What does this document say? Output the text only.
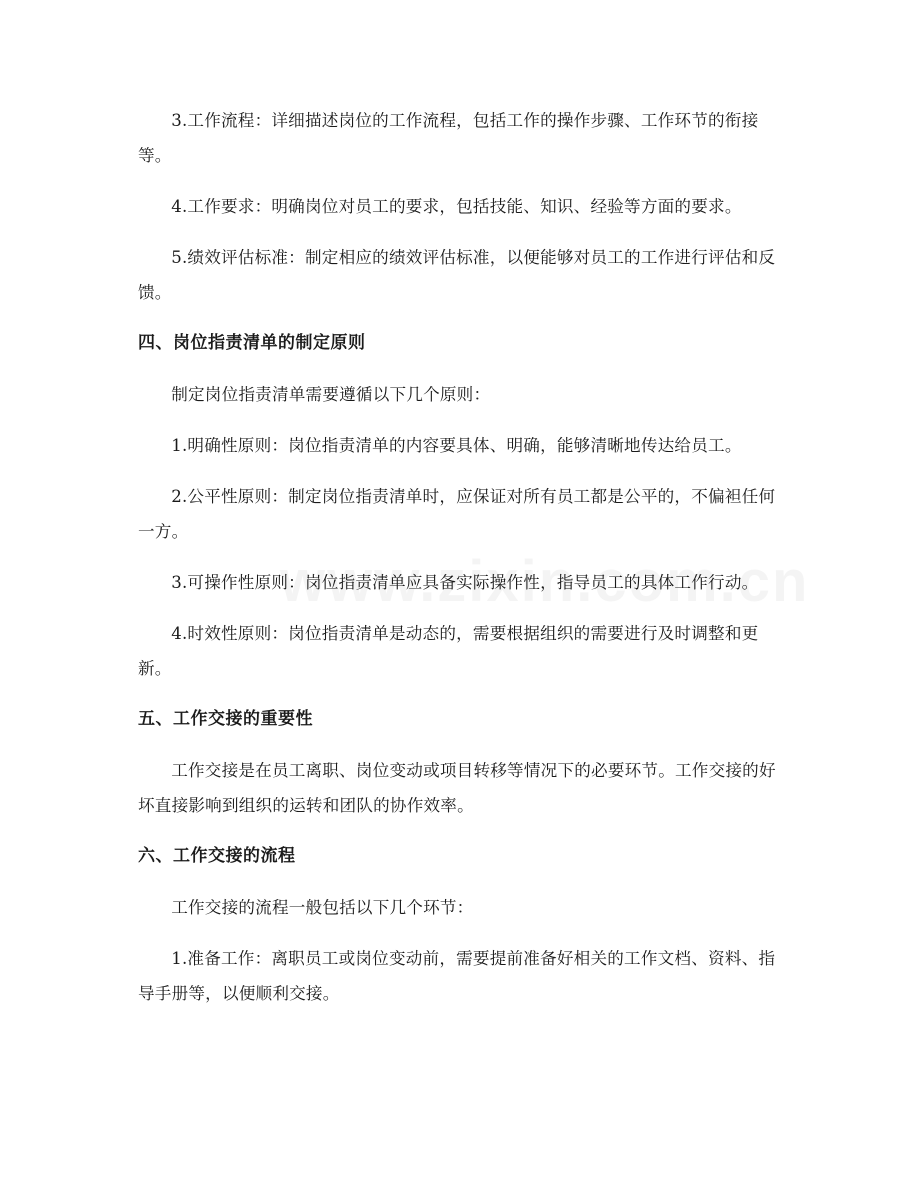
3.工作流程：详细描述岗位的工作流程，包括工作的操作步骤、工作环节的衔接等。

4.工作要求：明确岗位对员工的要求，包括技能、知识、经验等方面的要求。

5.绩效评估标准：制定相应的绩效评估标准，以便能够对员工的工作进行评估和反馈。

四、岗位指责清单的制定原则

制定岗位指责清单需要遵循以下几个原则：

1.明确性原则：岗位指责清单的内容要具体、明确，能够清晰地传达给员工。

2.公平性原则：制定岗位指责清单时，应保证对所有员工都是公平的，不偏袒任何一方。

3.可操作性原则：岗位指责清单应具备实际操作性，指导员工的具体工作行动。

4.时效性原则：岗位指责清单是动态的，需要根据组织的需要进行及时调整和更新。

五、工作交接的重要性

工作交接是在员工离职、岗位变动或项目转移等情况下的必要环节。工作交接的好坏直接影响到组织的运转和团队的协作效率。

六、工作交接的流程

工作交接的流程一般包括以下几个环节：

1.准备工作：离职员工或岗位变动前，需要提前准备好相关的工作文档、资料、指导手册等，以便顺利交接。
